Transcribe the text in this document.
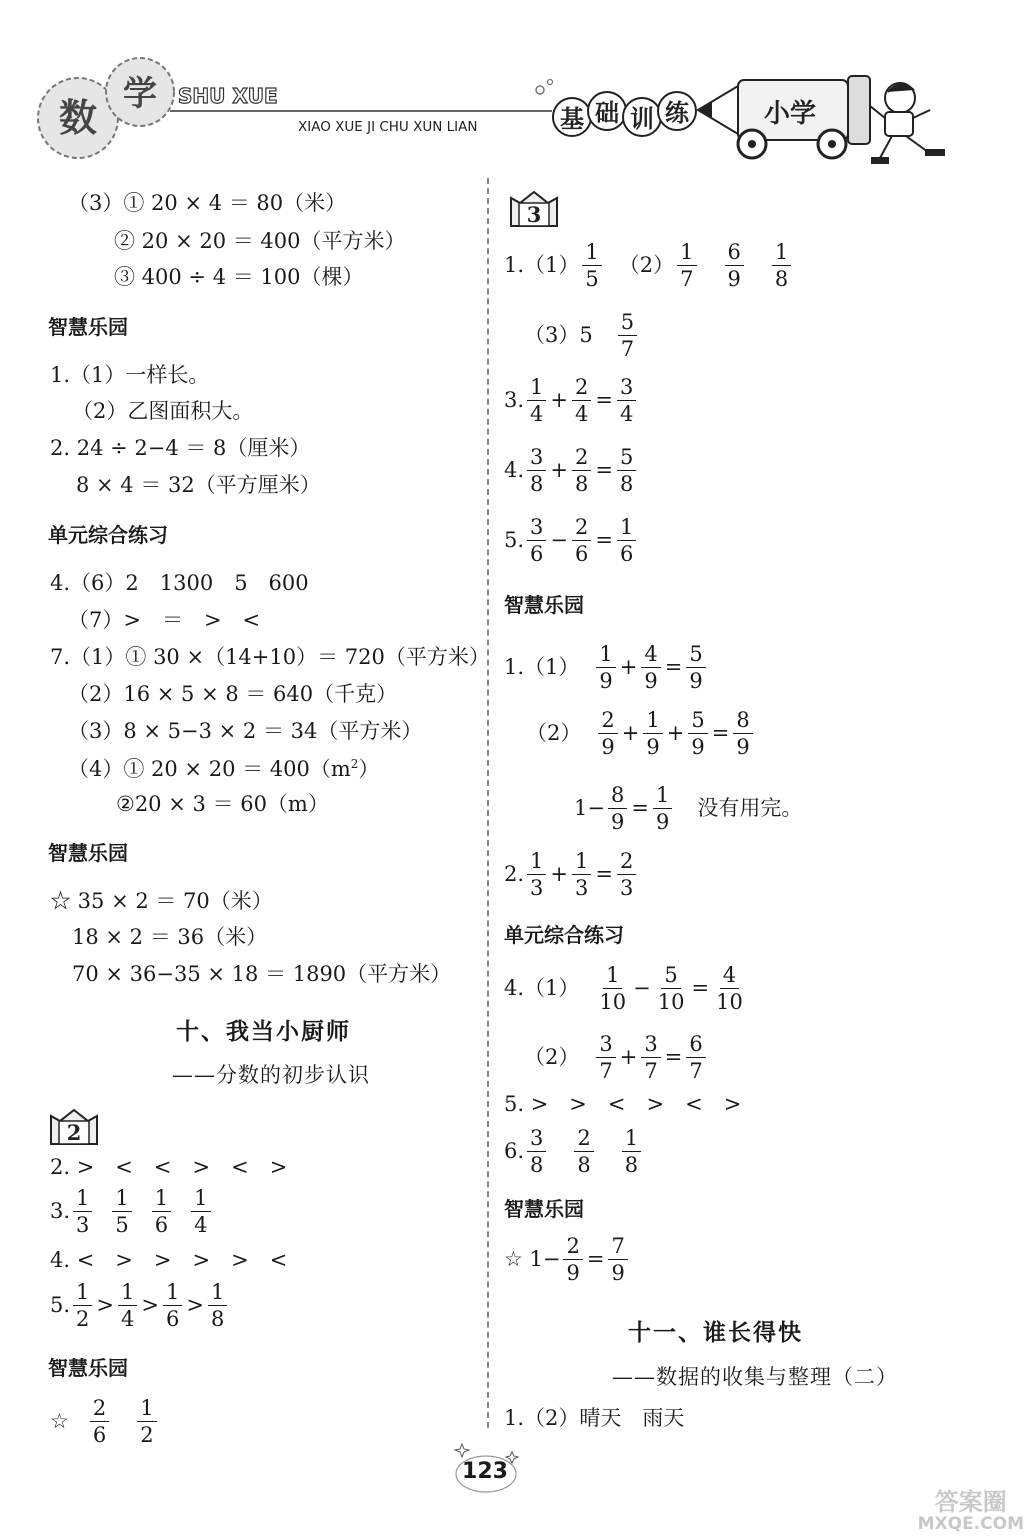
数
学 SHU XUE
XIAO XUE JI CHU XUN LIAN	基 础 训 练	小学
（3）① 20 × 4 ＝ 80（米）
② 20 × 20 ＝ 400（平方米）
③ 400 ÷ 4 ＝ 100（棵）
智慧乐园
1.（1）一样长。
（2）乙图面积大。
2. 24 ÷ 2−4 ＝ 8（厘米）
8 × 4 ＝ 32（平方厘米）
单元综合练习
4.（6）2　1300　5　600
（7）>　＝　>　<
7.（1）① 30 ×（14+10）＝ 720（平方米）
（2）16 × 5 × 8 ＝ 640（千克）
（3）8 × 5−3 × 2 ＝ 34（平方米）
（4）① $20 \times 20 = 400(m^2)$
②20 × 3 ＝ 60（m）
智慧乐园
☆ 35 × 2 ＝ 70（米）
18 × 2 ＝ 36（米）
70 × 36−35 × 18 ＝ 1890（平方米）
十、我当小厨师
——分数的初步认识
2
2. >　<　<　>　<　>
3. $\frac{1}{3} \frac{1}{5} \frac{1}{6} \frac{1}{4}$
4. <　>　>　>　>　<
5. $\frac{1}{2} > \frac{1}{4} > \frac{1}{6} > \frac{1}{8}$
智慧乐园
☆ $\frac{2}{6} \frac{1}{2}$
3
$1.(1) \frac{1}{5} (2) \frac{1}{7} \frac{6}{9} \frac{1}{8}$
$(3)5 \frac{5}{7}$
3. $\frac{1}{4} + \frac{2}{4} = \frac{3}{4}$
4. $\frac{3}{8} + \frac{2}{8} = \frac{5}{8}$
5. $\frac{3}{6} - \frac{2}{6} = \frac{1}{6}$
智慧乐园
$1.(1) \frac{1}{9} + \frac{4}{9} = \frac{5}{9}$
$(2) \frac{2}{9} + \frac{1}{9} + \frac{5}{9} = \frac{8}{9}$
$1- \frac{8}{9} = \frac{1}{9}$ 没有用完。
2. $\frac{1}{3} + \frac{1}{3} = \frac{2}{3}$
单元综合练习
$4.(1) \frac{1}{10} - \frac{5}{10} = \frac{4}{10}$
$(2) \frac{3}{7} + \frac{3}{7} = \frac{6}{7}$
5. >　>　<　>　<　>
6. $\frac{3}{8} \frac{2}{8} \frac{1}{8}$
智慧乐园
☆ $1- \frac{2}{9} = \frac{7}{9}$
十一、谁长得快
——数据的收集与整理（二）
1.（2）晴天　雨天
123
答案圈
MXQE.COM
